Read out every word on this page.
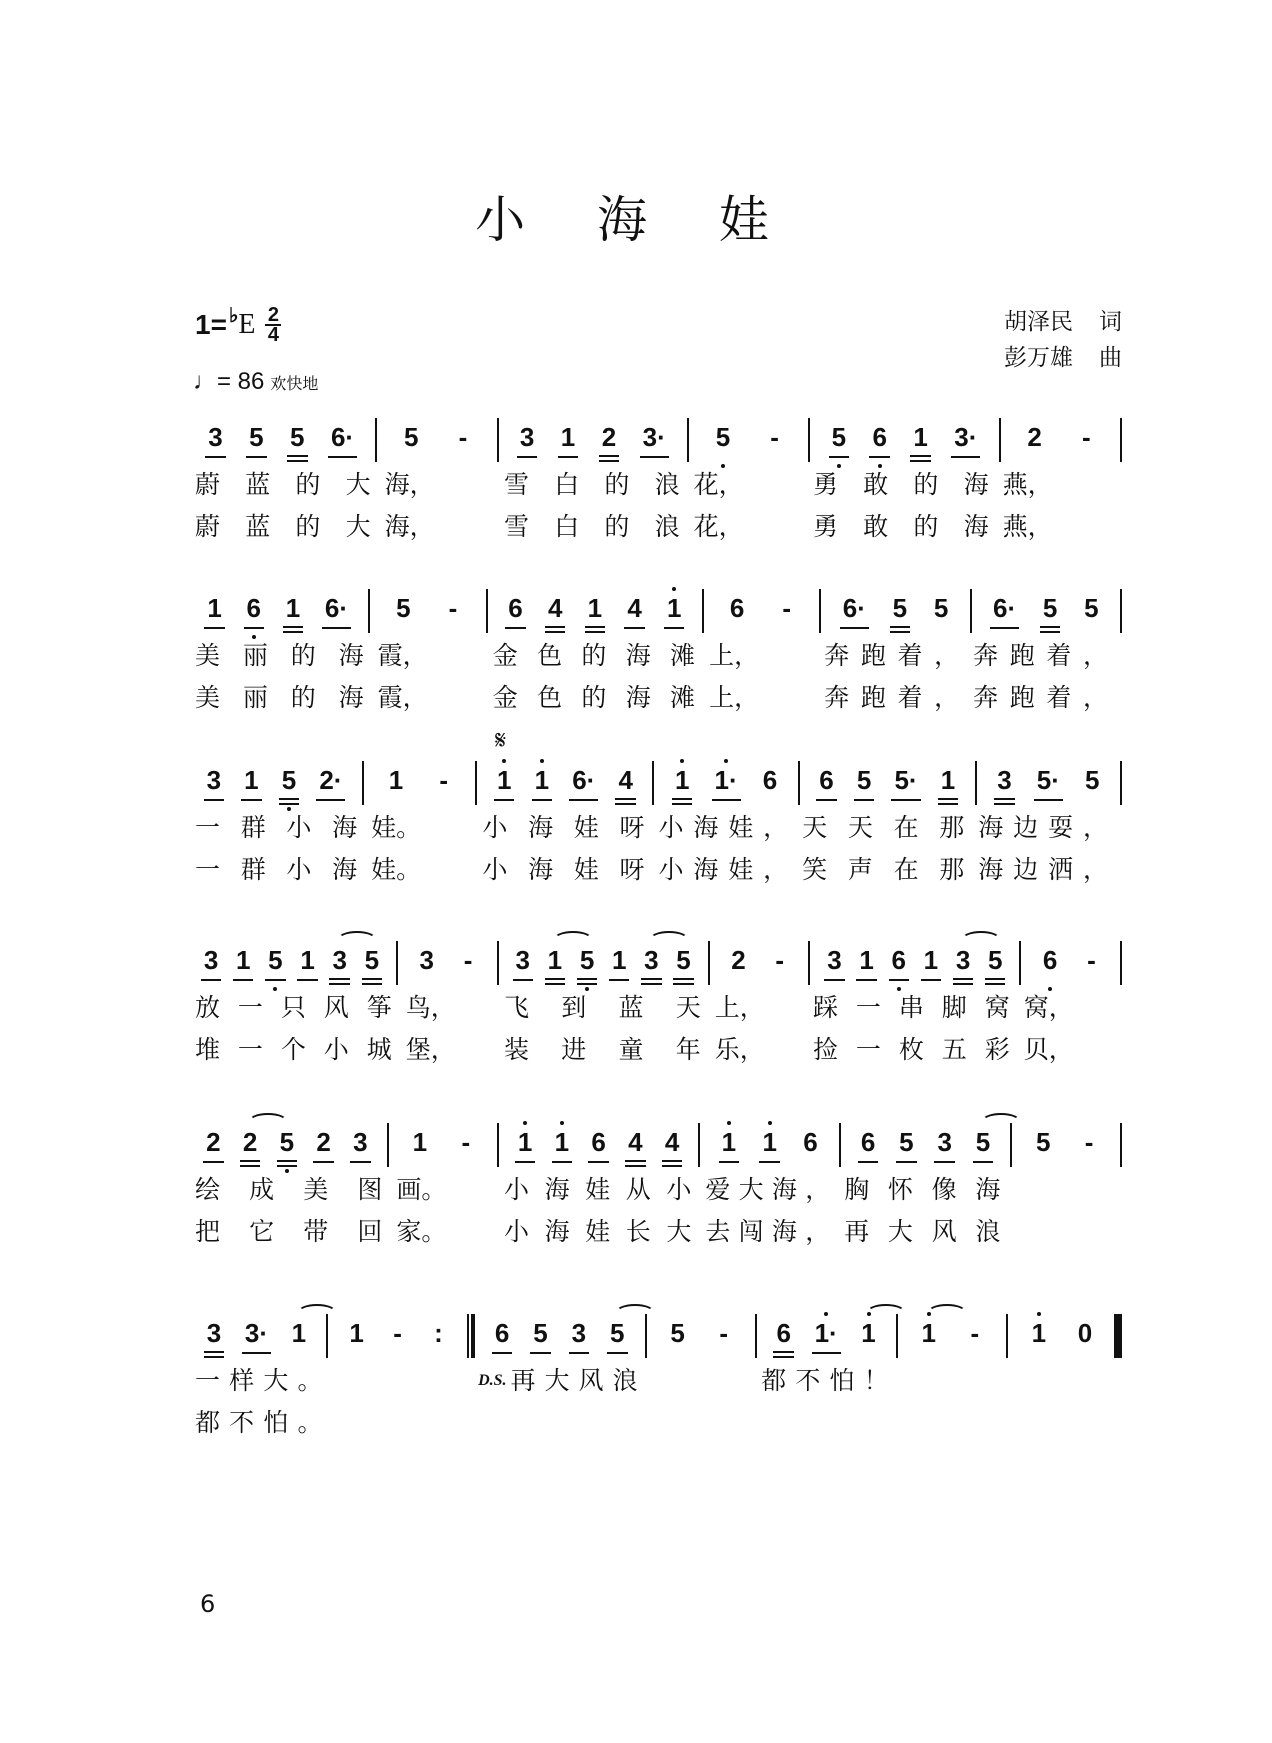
小 海 娃
1= ♭ E $\frac{2}{4}$
♩ = 86 欢快地
胡泽民 词
彭万雄 曲
𝄋
3 5 5 6· 5 - 3 1 2 3· 5 - 5 6 1 3· 2 -
蔚蓝的大 海，	雪白的浪 花，	勇敢的海 燕，
蔚蓝的大 海，	雪白的浪 花，	勇敢的海 燕，
1 6 1 6· 5 - 6 4 1 4 1 6 - 6· 5 5 6· 5 5
美丽的海 霞，	金色的海滩 上，	奔跑着， 奔跑着，
美丽的海 霞，	金色的海滩 上，	奔跑着， 奔跑着，
3 1 5 2· 1 - 1 1 6· 4 1 1· 6 6 5 5· 1 3 5· 5
一群小海 娃。 小海娃呀 小海娃， 天天在那 海边耍，
一群小海 娃。 小海娃呀 小海娃， 笑声在那 海边洒，
3 1 5 1 3 5 3 - 3 1 5 1 3 5 2 - 3 1 6 1 3 5 6 -
放一只风筝 鸟， 飞到蓝天 上， 踩一串脚窝 窝，
堆一个小城 堡， 装进童年 乐， 捡一枚五彩 贝，
2 2 5 2 3 1 - 1 1 6 4 4 1 1 6 6 5 3 5 5 -
绘成美图 画。 小海娃从小 爱大海， 胸怀像海
把它带回 家。 小海娃长大 去闯海， 再大风浪
3 3· 1 1 - : 6 5 3 5 5 - 6 1· 1 1 - 1 0
一样大。	D.S. 再大风浪	都不怕！
都不怕。
6
